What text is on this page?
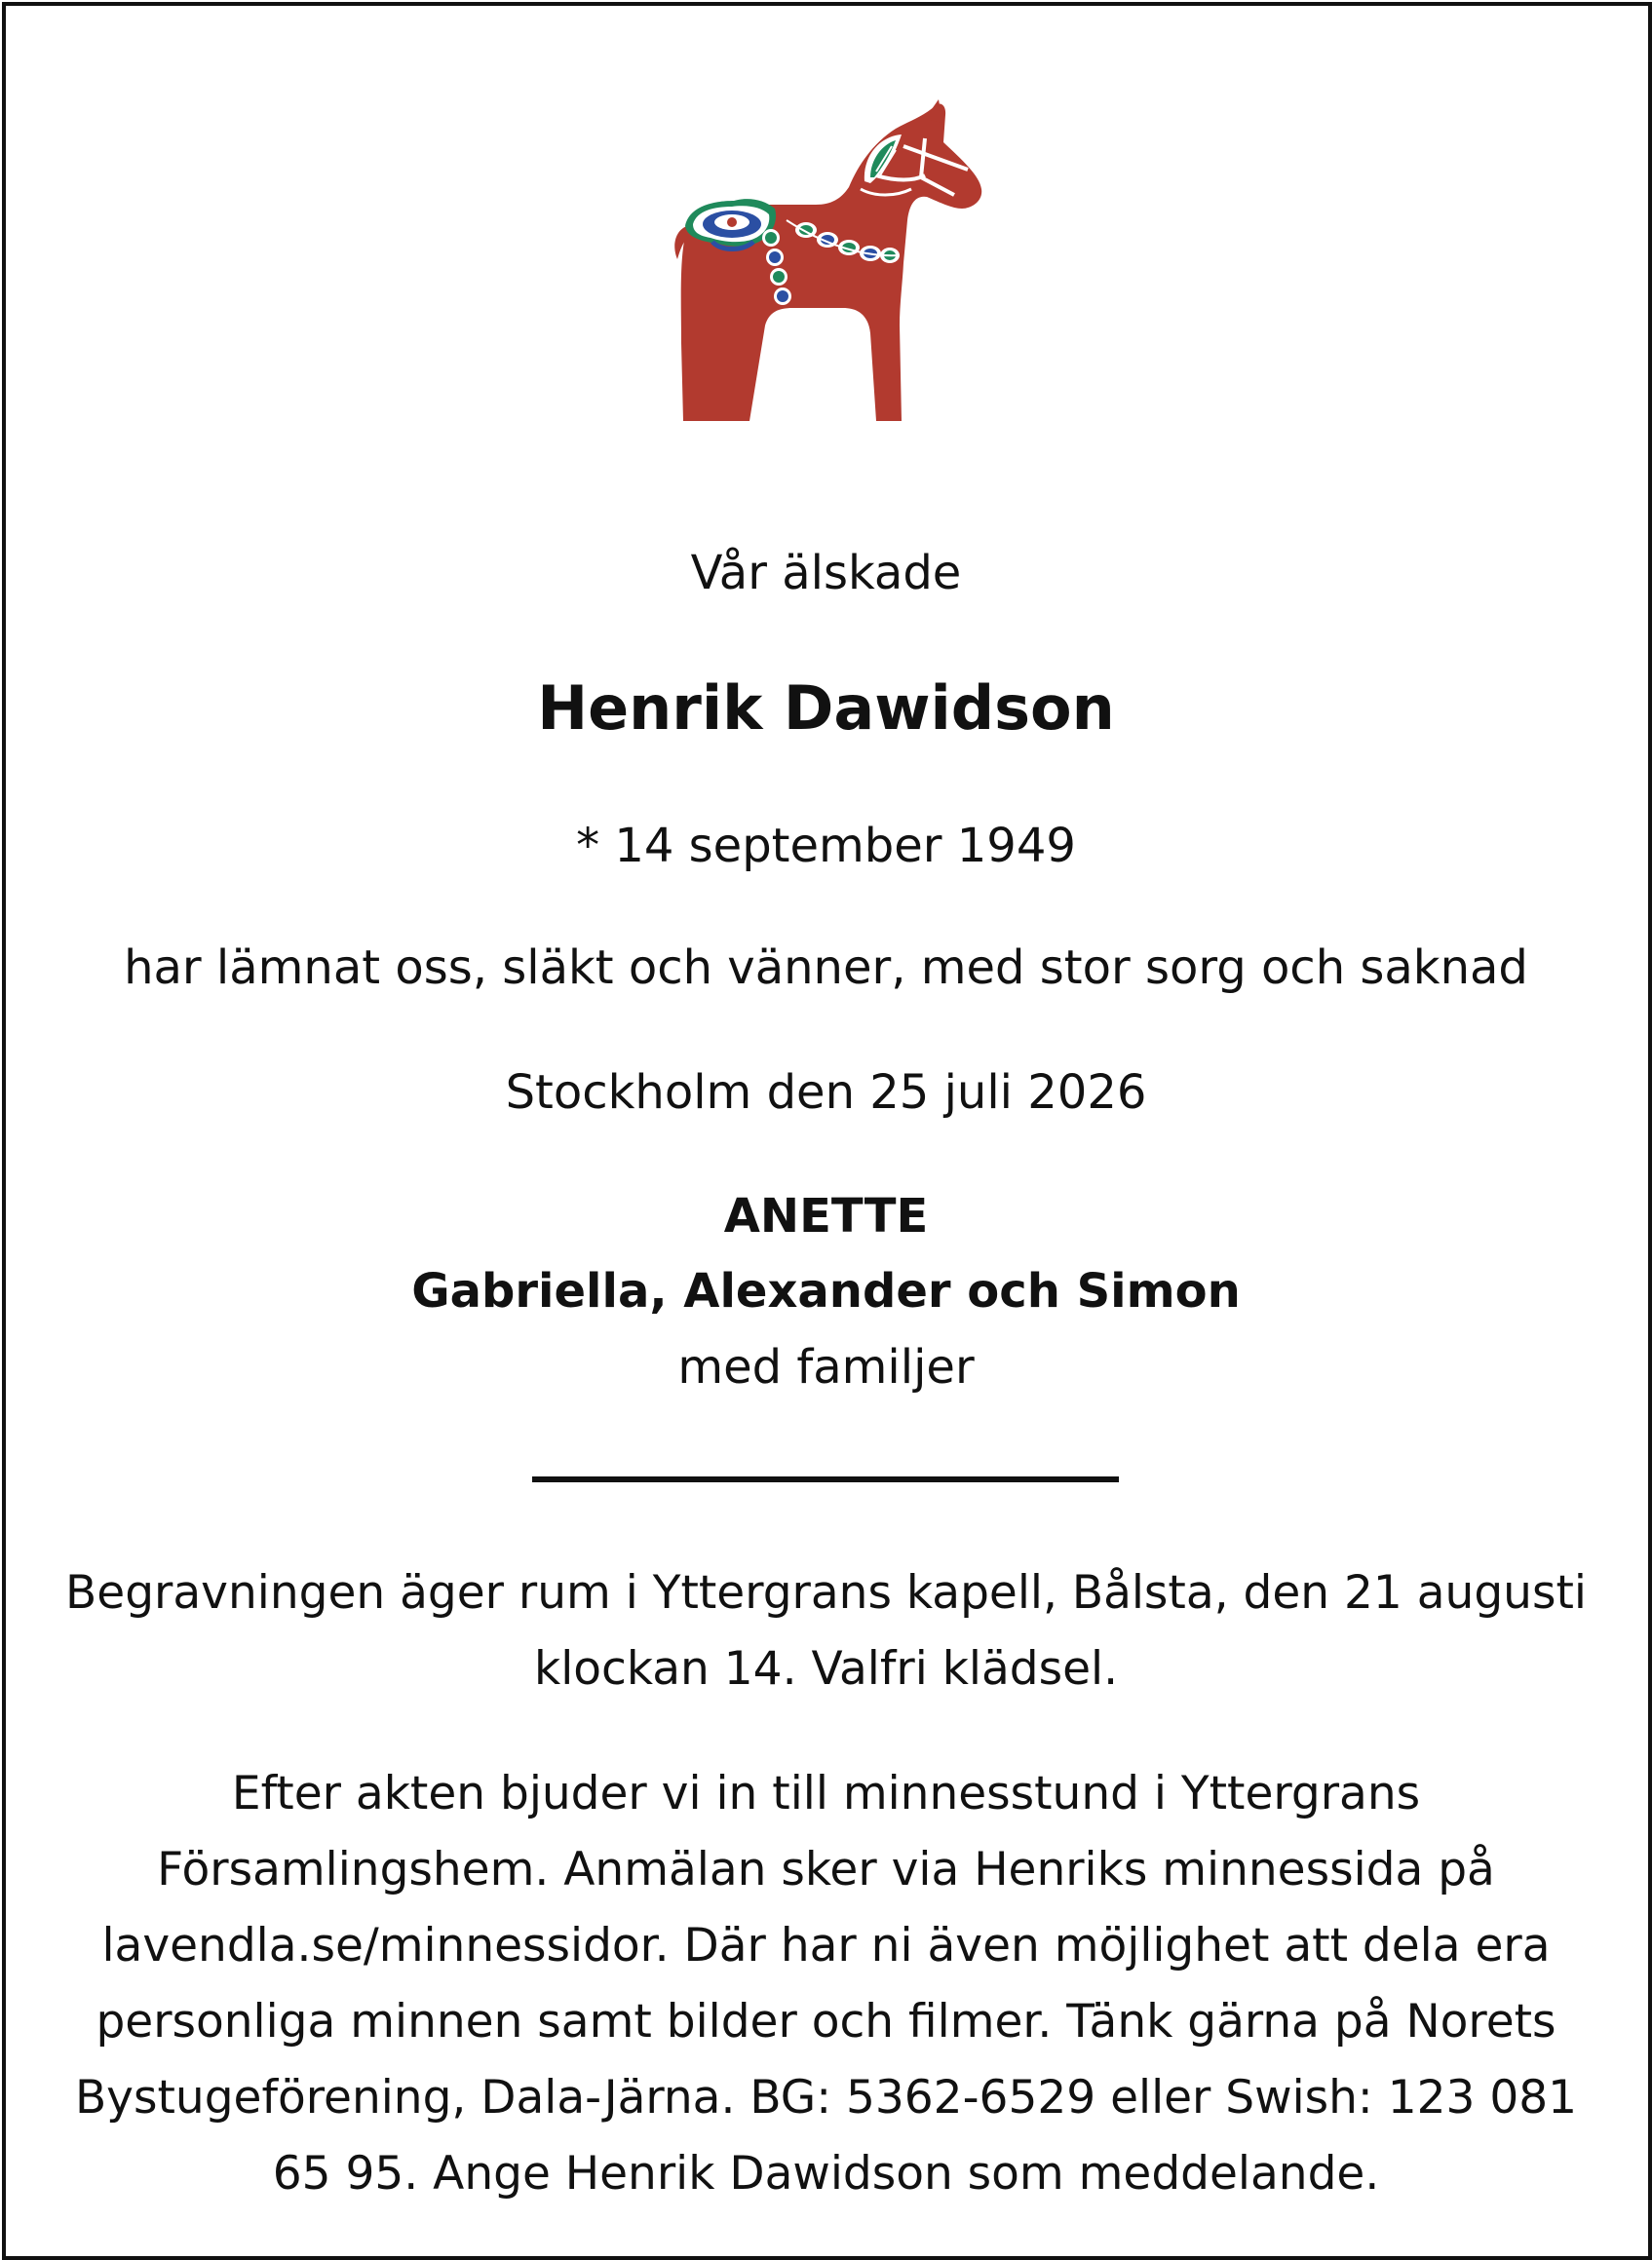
Vår älskade
Henrik Dawidson
* 14 september 1949
har lämnat oss, släkt och vänner, med stor sorg och saknad
Stockholm den 25 juli 2026
ANETTE
Gabriella, Alexander och Simon
med familjer
Begravningen äger rum i Yttergrans kapell, Bålsta, den 21 augusti
klockan 14. Valfri klädsel.
Efter akten bjuder vi in till minnesstund i Yttergrans
Församlingshem. Anmälan sker via Henriks minnessida på
lavendla.se/minnessidor. Där har ni även möjlighet att dela era
personliga minnen samt bilder och filmer. Tänk gärna på Norets
Bystugeförening, Dala-Järna. BG: 5362-6529 eller Swish: 123 081
65 95. Ange Henrik Dawidson som meddelande.
